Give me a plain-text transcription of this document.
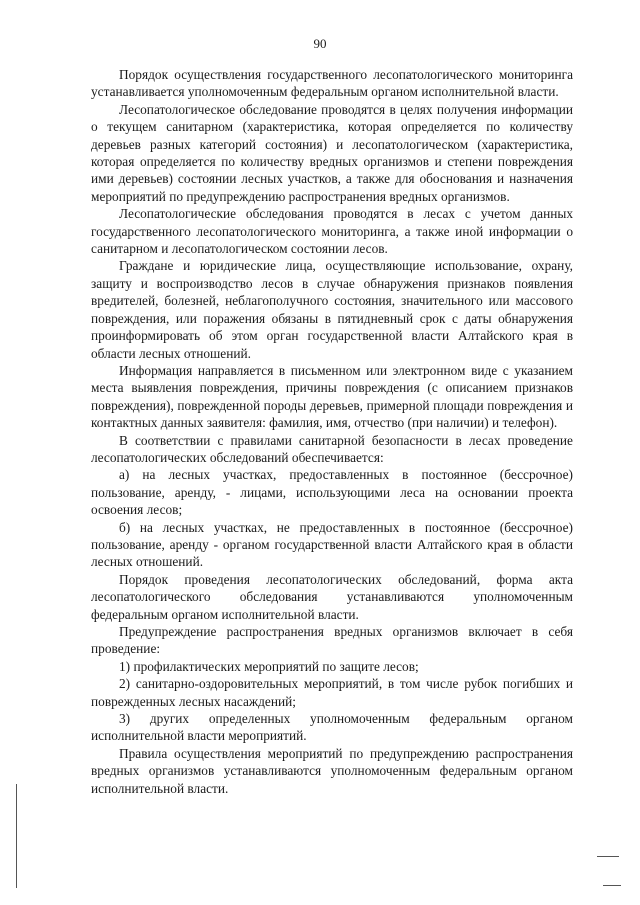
90

Порядок осуществления государственного лесопатологического мониторинга устанавливается уполномоченным федеральным органом исполнительной власти.

Лесопатологическое обследование проводятся в целях получения информации о текущем санитарном (характеристика, которая определяется по количеству деревьев разных категорий состояния) и лесопатологическом (характеристика, которая определяется по количеству вредных организмов и степени повреждения ими деревьев) состоянии лесных участков, а также для обоснования и назначения мероприятий по предупреждению распространения вредных организмов.

Лесопатологические обследования проводятся в лесах с учетом данных государственного лесопатологического мониторинга, а также иной информации о санитарном и лесопатологическом состоянии лесов.

Граждане и юридические лица, осуществляющие использование, охрану, защиту и воспроизводство лесов в случае обнаружения признаков появления вредителей, болезней, неблагополучного состояния, значительного или массового повреждения, или поражения обязаны в пятидневный срок с даты обнаружения проинформировать об этом орган государственной власти Алтайского края в области лесных отношений.

Информация направляется в письменном или электронном виде с указанием места выявления повреждения, причины повреждения (с описанием признаков повреждения), поврежденной породы деревьев, примерной площади повреждения и контактных данных заявителя: фамилия, имя, отчество (при наличии) и телефон).

В соответствии с правилами санитарной безопасности в лесах проведение лесопатологических обследований обеспечивается:

а) на лесных участках, предоставленных в постоянное (бессрочное) пользование, аренду, - лицами, использующими леса на основании проекта освоения лесов;

б) на лесных участках, не предоставленных в постоянное (бессрочное) пользование, аренду - органом государственной власти Алтайского края в области лесных отношений.

Порядок проведения лесопатологических обследований, форма акта лесопатологического обследования устанавливаются уполномоченным федеральным органом исполнительной власти.

Предупреждение распространения вредных организмов включает в себя проведение:

1) профилактических мероприятий по защите лесов;

2) санитарно-оздоровительных мероприятий, в том числе рубок погибших и поврежденных лесных насаждений;

3) других определенных уполномоченным федеральным органом исполнительной власти мероприятий.

Правила осуществления мероприятий по предупреждению распространения вредных организмов устанавливаются уполномоченным федеральным органом исполнительной власти.
